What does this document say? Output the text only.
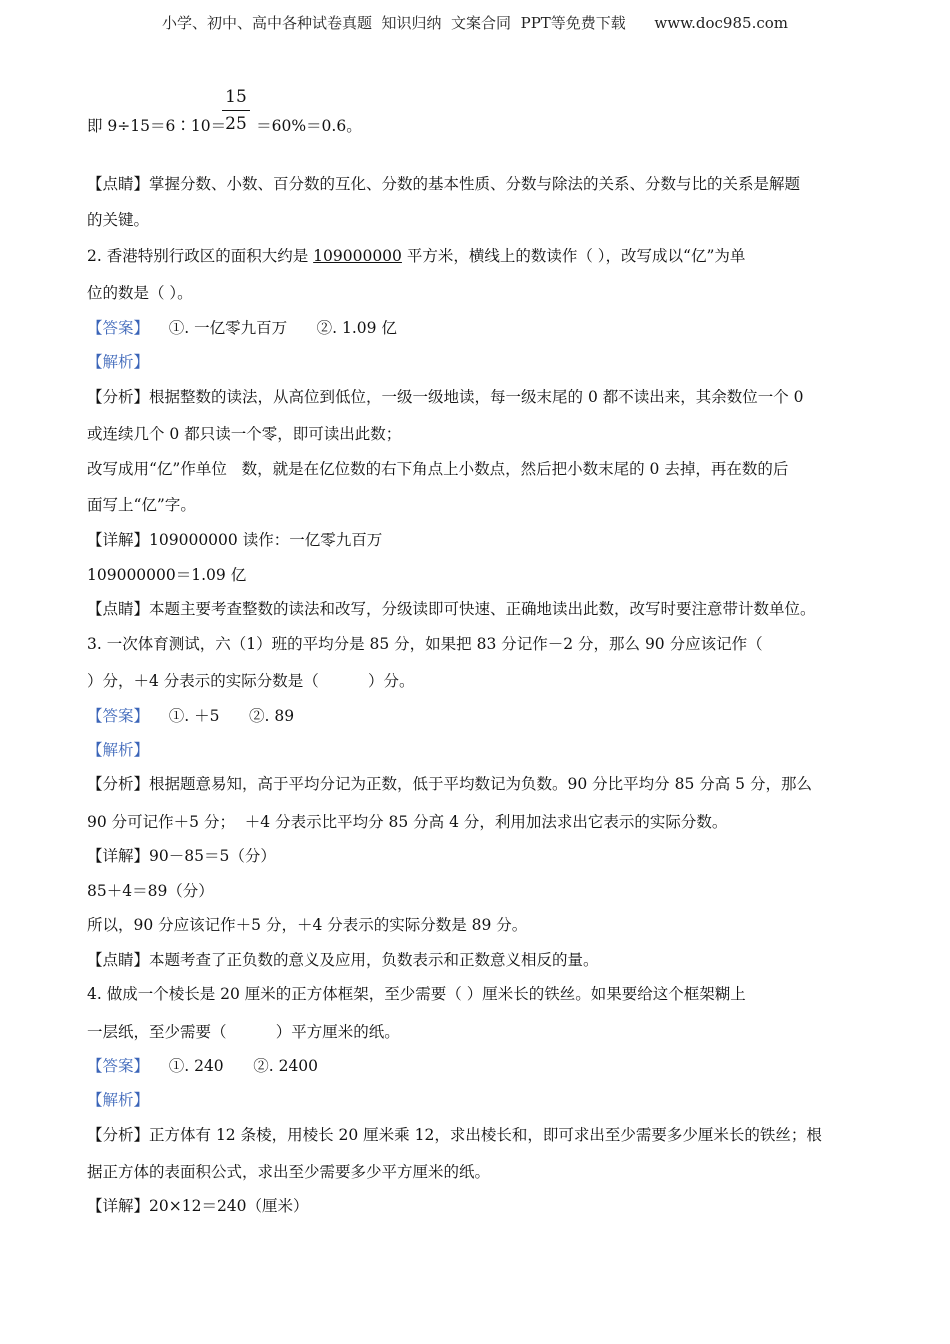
小学、初中、高中各种试卷真题  知识归纳  文案合同  PPT等免费下载      www.doc985.com
15
25
即 9÷15＝6∶10＝ ＝60%＝0.6。
【点睛】掌握分数、小数、百分数的互化、分数的基本性质、分数与除法的关系、分数与比的关系是解题
的关键。
2. 香港特别行政区的面积大约是 109000000 平方米，横线上的数读作（ ），改写成以“亿”为单
位的数是（ ）。
【答案】    ①. 一亿零九百万      ②. 1.09 亿
【解析】
【分析】根据整数的读法，从高位到低位，一级一级地读，每一级末尾的 0 都不读出来，其余数位一个 0
或连续几个 0 都只读一个零，即可读出此数；
改写成用“亿”作单位   数，就是在亿位数的右下角点上小数点，然后把小数末尾的 0 去掉，再在数的后
面写上“亿”字。
【详解】109000000 读作：一亿零九百万
109000000＝1.09 亿
【点睛】本题主要考查整数的读法和改写，分级读即可快速、正确地读出此数，改写时要注意带计数单位。
3. 一次体育测试，六（1）班的平均分是 85 分，如果把 83 分记作－2 分，那么 90 分应该记作（
）分，＋4 分表示的实际分数是（          ）分。
【答案】    ①. ＋5      ②. 89
【解析】
【分析】根据题意易知，高于平均分记为正数，低于平均数记为负数。90 分比平均分 85 分高 5 分，那么
90 分可记作＋5 分；  ＋4 分表示比平均分 85 分高 4 分，利用加法求出它表示的实际分数。
【详解】90－85＝5（分）
85＋4＝89（分）
所以，90 分应该记作＋5 分，＋4 分表示的实际分数是 89 分。
【点睛】本题考查了正负数的意义及应用，负数表示和正数意义相反的量。
4. 做成一个棱长是 20 厘米的正方体框架，至少需要（ ）厘米长的铁丝。如果要给这个框架糊上
一层纸，至少需要（          ）平方厘米的纸。
【答案】    ①. 240      ②. 2400
【解析】
【分析】正方体有 12 条棱，用棱长 20 厘米乘 12，求出棱长和，即可求出至少需要多少厘米长的铁丝；根
据正方体的表面积公式，求出至少需要多少平方厘米的纸。
【详解】20×12＝240（厘米）
